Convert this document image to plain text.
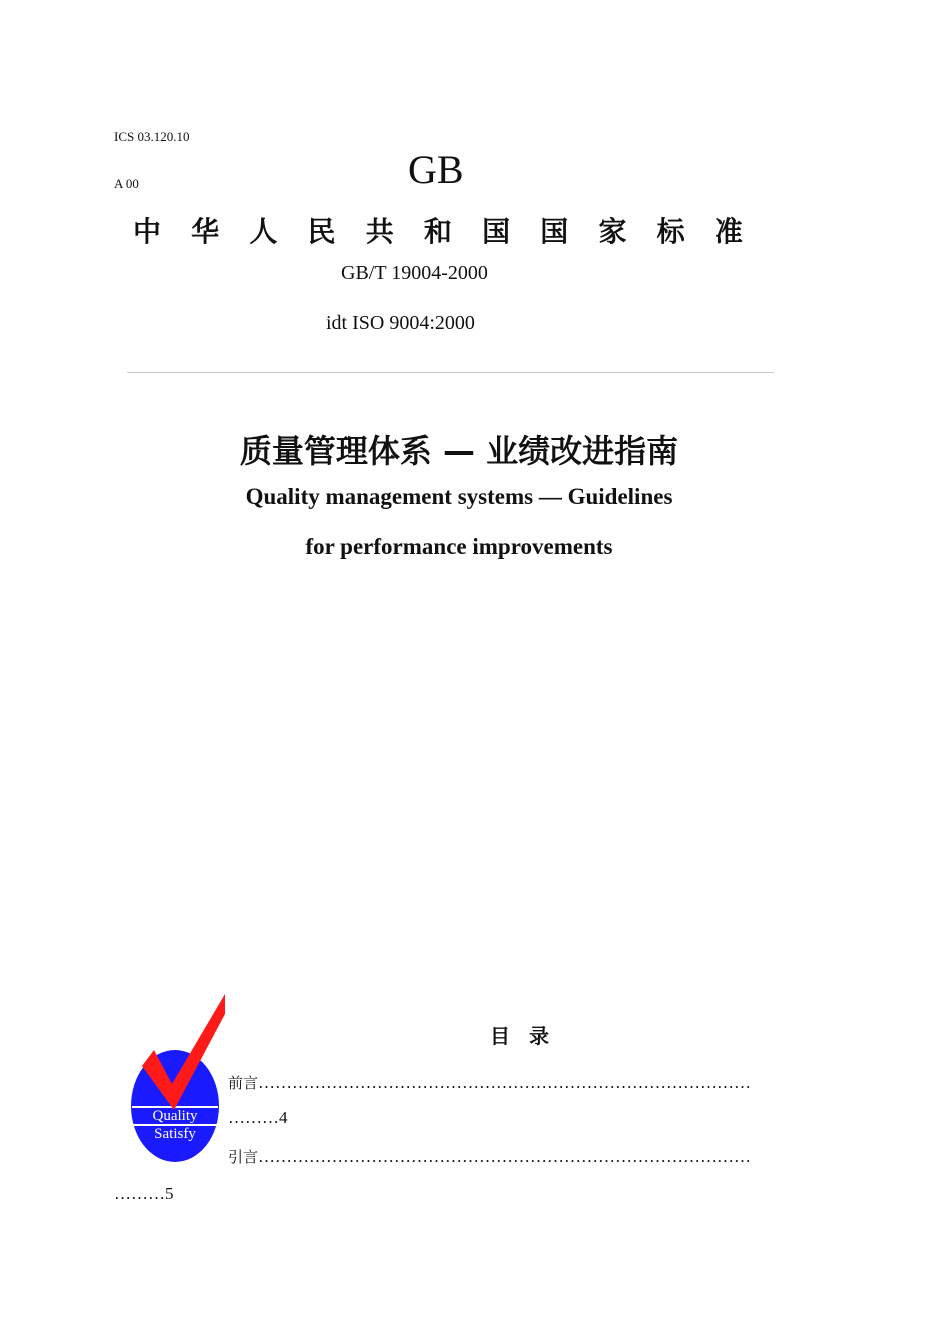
ICS 03.120.10
A 00	GB
中 华 人 民 共 和 国 国 家 标 准
GB/T 19004-2000
idt ISO 9004:2000
质量管理体系 — 业绩改进指南
Quality management systems — Guidelines
for performance improvements
Quality
Satisfy
目 录
前言……………………………………………………………………………
………4
引言……………………………………………………………………………
………5
